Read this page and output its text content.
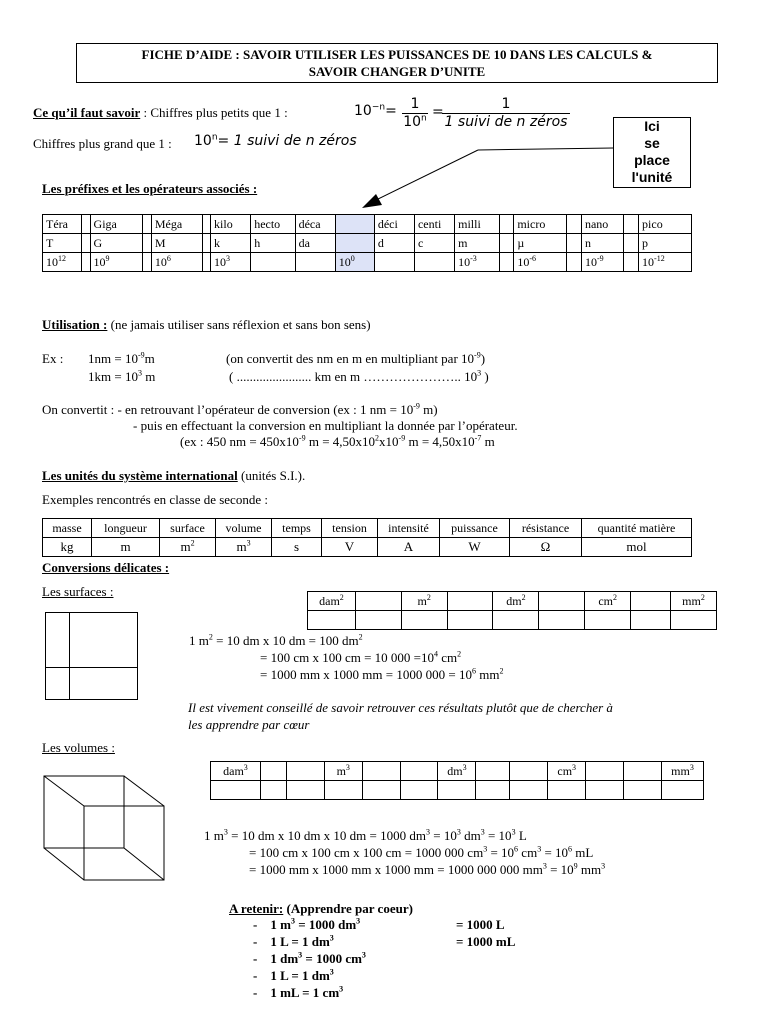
FICHE D’AIDE : SAVOIR UTILISER LES PUISSANCES DE 10 DANS LES CALCULS &
SAVOIR CHANGER D’UNITE
Ce qu’il faut savoir : Chiffres plus petits que 1 :	$10^{-n}= 1$
$10^n$ =	1
1 suivi de n zéros
Chiffres plus grand que 1 : $10^n= 1$ suivi de n zéros
Ici
se
place
l'unité
Les préfixes et les opérateurs associés :
Téra		Giga		Méga		kilo	hecto	déca		déci	centi	milli		micro		nano		pico
T		G		M		k	h	da		d	c	m		µ		n		p
$10^{12}$		$10^9$		$10^6$		$10^3$			$10^0$			$10^{-3}$		$10^{-6}$		$10^{-9}$		$10^{-12}$
Utilisation : (ne jamais utiliser sans réflexion et sans bon sens)
Ex : $1nm = 10^{-9}m$	(on convertit des nm en m en multipliant par $10^{-9}$)
$1km = 10^3$ m	( ....................... km en m ………………….. $10^3$ )
On convertit : - en retrouvant l’opérateur de conversion (ex : 1 nm = $10^{-9}$ m)
- puis en effectuant la conversion en multipliant la donnée par l’opérateur.
(ex : 450 nm = $450x10^{-9}$ $m = 4,50x10^2x10^{-9}$ $m = 4,50x10^{-7}$ m
Les unités du système international (unités S.I.).
Exemples rencontrés en classe de seconde :
masse	longueur	surface	volume	temps	tension	intensité	puissance	résistance	quantité matière
kg	m	$m^2$	$m^3$	s	V	A	W	Ω	mol
Conversions délicates :
Les surfaces :
dam$^2$		$m^2$		$dm^2$		$cm^2$		$mm^2$

1 $m^2 = 10$ dm x 10 dm = 100 $dm^2$
= 100 cm x 100 cm = 10 $000 =10^4$ $cm^2$
= 1000 mm x 1000 mm = 1000 $000 = 10^6$ $mm^2$
Il est vivement conseillé de savoir retrouver ces résultats plutôt que de chercher à
les apprendre par cœur
Les volumes :
dam$^3$			$m^3$			$dm^3$			$cm^3$			$mm^3$

1 $m^3 = 10$ dm x 10 dm x 10 dm = 1000 $dm^3 = 10^3$ $dm^3 = 10^3$ L
= 100 cm x 100 cm x 100 cm = 1000 000 $cm^3 = 10^6$ $cm^3 = 10^6$ mL
= 1000 mm x 1000 mm x 1000 mm = 1000 000 000 $mm^3 = 10^9$ $mm^3$
A retenir: (Apprendre par coeur)
- 1 $m^3 = 1000$ $dm^3$	= 1000 L
- 1 L = 1 $dm^3$	= 1000 mL
- 1 $dm^3 = 1000$ $cm^3$
- 1 L = 1 $dm^3$
- 1 mL = 1 $cm^3$
